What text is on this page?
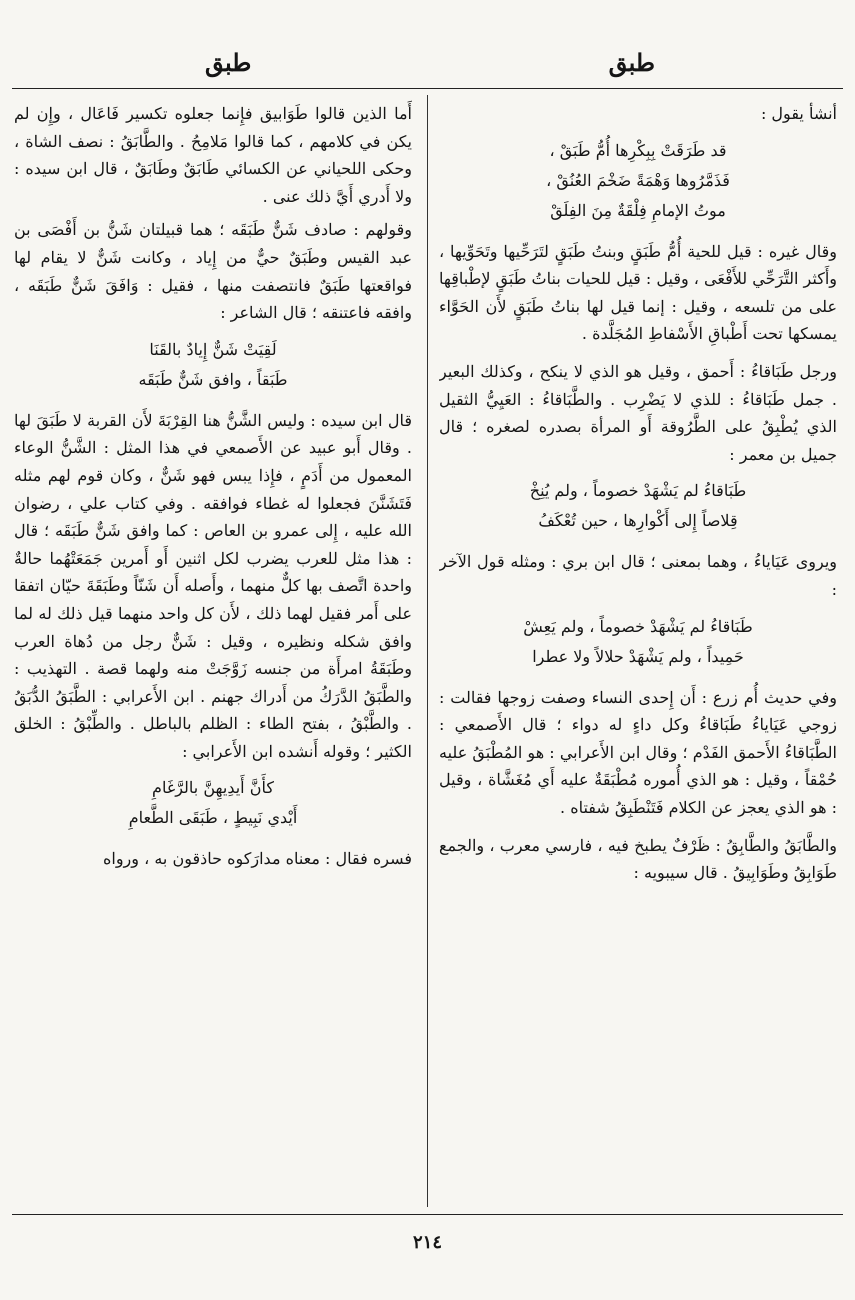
طبق
طبق

أنشأ يقول :

قد طَرَقَتْ بِبِكْرِها أُمُّ طَبَقْ ،
فَذَمَّرُوها وَهْمَةً ضَخْمَ العُنُقْ ،
موتُ الإمامِ فِلْقَةٌ مِنَ الفِلَقْ

وقال غيره : قيل للحية أُمُّ طَبَقٍ وبنتُ طَبَقٍ لتَرَحِّيها وتَحَوِّيها ، وأَكثر التَّرَحِّي للأَفْعَى ، وقيل : قيل للحيات بناتُ طَبَقٍ لإطْباقِها على من تلسعه ، وقيل : إنما قيل لها بناتُ طَبَقٍ لأَن الحَوَّاء يمسكها تحت أَطْباقِ الأَسْفاطِ المُجَلَّدة .

ورجل طَبَاقاءُ : أَحمق ، وقيل هو الذي لا ينكح ، وكذلك البعير . جمل طَبَاقاءُ : للذي لا يَضْرِب . والطَّبَاقاءُ : العَيِيُّ الثقيل الذي يُطْبِقُ على الطَّرُوقة أَو المرأة بصدره لصغره ؛ قال جميل بن معمر :

طَبَاقاءُ لم يَشْهَدْ خصوماً ، ولم يُنِخْ
قِلاصاً إِلى أَكْوارِها ، حين تُعْكَفُ

ويروى عَيَاياءُ ، وهما بمعنى ؛ قال ابن بري : ومثله قول الآخر :

طَبَاقاءُ لم يَشْهَدْ خصوماً ، ولم يَعِشْ
حَمِيداً ، ولم يَشْهَدْ حلالاً ولا عطرا

وفي حديث أُم زرع : أَن إِحدى النساء وصفت زوجها فقالت : زوجي عَيَاياءُ طَبَاقاءُ وكل داءٍ له دواء ؛ قال الأَصمعي : الطَّبَاقاءُ الأَحمق الفَدْم ؛ وقال ابن الأَعرابي : هو المُطْبَقُ عليه حُمْقاً ، وقيل : هو الذي أُموره مُطْبَقَةٌ عليه أَي مُغَشَّاة ، وقيل : هو الذي يعجز عن الكلام فَتَنْطَبِقُ شفتاه .

والطَّابَقُ والطَّابِقُ : ظَرْفٌ يطبخ فيه ، فارسي معرب ، والجمع طَوَابِقُ وطَوَابِيقُ . قال سيبويه :

أَما الذين قالوا طَوَابيق فإِنما جعلوه تكسير فَاعَال ، وإِن لم يكن في كلامهم ، كما قالوا مَلامِحُ . والطَّابَقُ : نصف الشاة ، وحكى اللحياني عن الكسائي طَابَقٌ وطَابَقٌ ، قال ابن سيده : ولا أَدري أَيَّ ذلك عنى .

وقولهم : صادف شَنٌّ طَبَقَه ؛ هما قبيلتان شَنُّ بن أَفْصَى بن عبد القيس وطَبَقٌ حيٌّ من إِياد ، وكانت شَنٌّ لا يقام لها فواقعتها طَبَقٌ فانتصفت منها ، فقيل : وَافَقَ شَنٌّ طَبَقَه ، وافقه فاعتنقه ؛ قال الشاعر :

لَقِيَتْ شَنٌّ إِيادٌ بالقَنَا
طَبَقاً ، وافق شَنٌّ طَبَقَه

قال ابن سيده : وليس الشَّنُّ هنا القِرْبَةَ لأَن القربة لا طَبَقَ لها . وقال أَبو عبيد عن الأَصمعي في هذا المثل : الشَّنُّ الوعاء المعمول من أَدَمٍ ، فإِذا يبس فهو شَنٌّ ، وكان قوم لهم مثله فَتَشَنَّنَ فجعلوا له غطاء فوافقه . وفي كتاب علي ، رضوان الله عليه ، إِلى عمرو بن العاص : كما وافق شَنٌّ طَبَقَه ؛ قال : هذا مثل للعرب يضرب لكل اثنين أَو أَمرين جَمَعَتْهُما حالةٌ واحدة اتَّصف بها كلٌّ منهما ، وأَصله أَن شَنّاً وطَبَقَةَ حيّان اتفقا على أَمر فقيل لهما ذلك ، لأَن كل واحد منهما قيل ذلك له لما وافق شكله ونظيره ، وقيل : شَنٌّ رجل من دُهاة العرب وطَبَقَةُ امرأَة من جنسه زَوَّجَتْ منه ولهما قصة . التهذيب : والطَّبَقُ الدَّرَكُ من أَدراك جهنم . ابن الأَعرابي : الطَّبَقُ الدُّبَقُ . والطَّبْقُ ، بفتح الطاء : الظلم بالباطل . والطِّبْقُ : الخلق الكثير ؛ وقوله أَنشده ابن الأَعرابي :

كأَنَّ أَيدِيهِنَّ بالرَّغَامِ
أَيْدي نَبِيطٍ ، طَبَقَى الطَّعامِ

فسره فقال : معناه مدارَكوه حاذقون به ، ورواه

٢١٤
